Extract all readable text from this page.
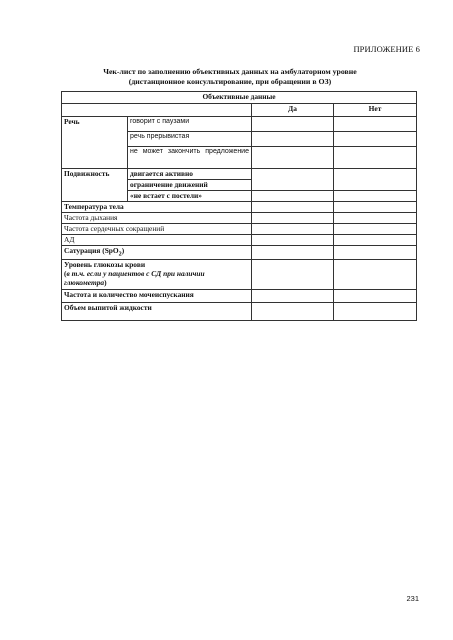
ПРИЛОЖЕНИЕ 6
Чек-лист по заполнению объективных данных на амбулаторном уровне
(дистанционное консультирование, при обращении в ОЗ)
Объективные данные			
		Да	Нет
Речь	говорит с паузами		
	речь прерывистая		
	не может закончить предложение		
Подвижность	двигается активно		
	ограничение движений		
	«не встает с постели»		
Температура тела			
Частота дыхания			
Частота сердечных сокращений			
АД			
Сатурация (SpO$_2$)			

Уровень глюкозы крови
(в т.ч. если у пациентов с СД при наличии глюкометра)			

Частота и количество мочеиспускания			
Объем выпитой жидкости			
231
